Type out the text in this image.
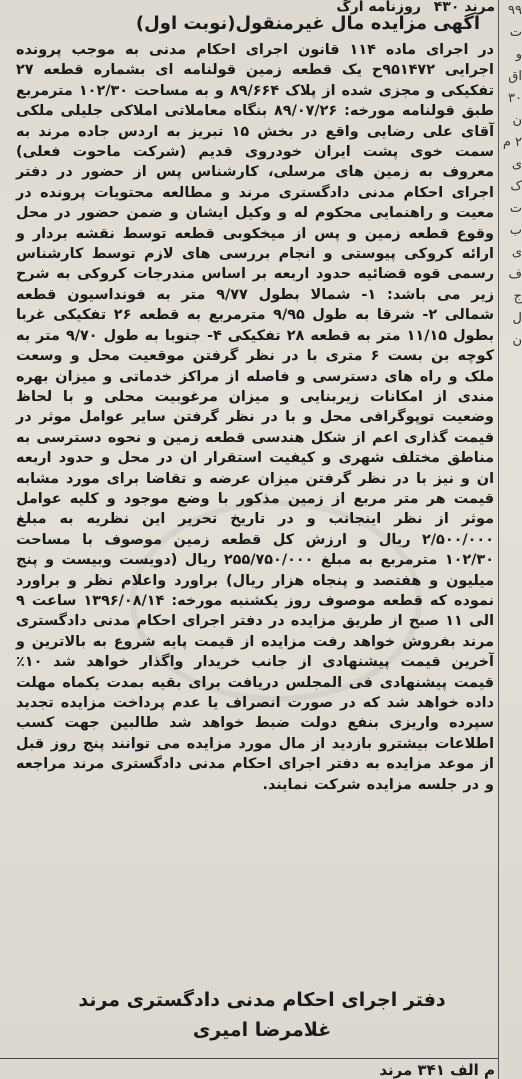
۹۹
ت
و
اق
۳۰
ن
۲ م
ی
ک
ت
ب
ی
ف
ج
ل
ن
مرند ۴۳۰ روزنامه ارگ
آگهی مزایده مال غیرمنقول(نوبت اول)

در اجرای ماده ۱۱۴ قانون اجرای احکام مدنی به موجب پرونده اجرایی ۹۵۱۴۷۲ح یک قطعه زمین قولنامه ای بشماره قطعه ۲۷ تفکیکی و مجزی شده از پلاک ۸۹/۶۶۴ و به مساحت ۱۰۲/۳۰ مترمربع طبق قولنامه مورخه: ۸۹/۰۷/۲۶ بنگاه معاملاتی املاکی جلیلی ملکی آقای علی رضایی واقع در بخش ۱۵ تبریز به اردس جاده مرند به سمت خوی پشت ایران خودروی قدیم (شرکت ماحوت فعلی) معروف به زمین های مرسلی، کارشناس پس از حضور در دفتر اجرای احکام مدنی دادگستری مرند و مطالعه محتویات پرونده در معیت و راهنمایی محکوم له و وکیل ایشان و ضمن حضور در محل وقوع قطعه زمین و پس از میخکوبی قطعه توسط نقشه بردار و ارائه کروکی پیوستی و انجام بررسی های لازم توسط کارشناس رسمی قوه قضائیه حدود اربعه بر اساس مندرجات کروکی به شرح زیر می باشد: ۱- شمالا بطول ۹/۷۷ متر به فونداسیون قطعه شمالی ۲- شرقا به طول ۹/۹۵ مترمربع به قطعه ۲۶ تفکیکی غربا بطول ۱۱/۱۵ متر به قطعه ۲۸ تفکیکی ۴- جنوبا به طول ۹/۷۰ متر به کوچه بن بست ۶ متری با در نظر گرفتن موقعیت محل و وسعت ملک و راه های دسترسی و فاصله از مراکز خدماتی و میزان بهره مندی از امکانات زیربنایی و میزان مرغوبیت محلی و با لحاظ وضعیت توپوگرافی محل و با در نظر گرفتن سایر عوامل موثر در قیمت گذاری اعم از شکل هندسی قطعه زمین و نحوه دسترسی به مناطق مختلف شهری و کیفیت استقرار ان در محل و حدود اربعه ان و نیز با در نظر گرفتن میزان عرضه و تقاضا برای مورد مشابه قیمت هر متر مربع از زمین مذکور با وضع موجود و کلیه عوامل موثر از نظر اینجانب و در تاریخ تحریر این نظریه به مبلغ ۲/۵۰۰/۰۰۰ ریال و ارزش کل قطعه زمین موصوف با مساحت ۱۰۲/۳۰ مترمربع به مبلغ ۲۵۵/۷۵۰/۰۰۰ ریال (دویست وبیست و پنج میلیون و هفتصد و پنجاه هزار ریال) براورد واعلام نظر و براورد نموده که قطعه موصوف روز یکشنبه مورخه: ۱۳۹۶/۰۸/۱۴ ساعت ۹ الی ۱۱ صبح از طریق مزایده در دفتر اجرای احکام مدنی دادگستری مرند بفروش خواهد رفت مزایده از قیمت پایه شروع به بالاترین و آخرین قیمت پیشنهادی از جانب خریدار واگذار خواهد شد ۱۰٪ قیمت پیشنهادی فی المجلس دریافت برای بقیه بمدت یکماه مهلت داده خواهد شد که در صورت انصراف یا عدم پرداخت مزایده تجدید سپرده واریزی بنفع دولت ضبط خواهد شد طالبین جهت کسب اطلاعات بیشترو بازدید از مال مورد مزایده می توانند پنج روز قبل از موعد مزایده به دفتر اجرای احکام مدنی دادگستری مرند مراجعه و در جلسه مزایده شرکت نمایند.

دفتر اجرای احکام مدنی دادگستری مرند
غلامرضا امیری
م الف ۳۴۱ مرند
